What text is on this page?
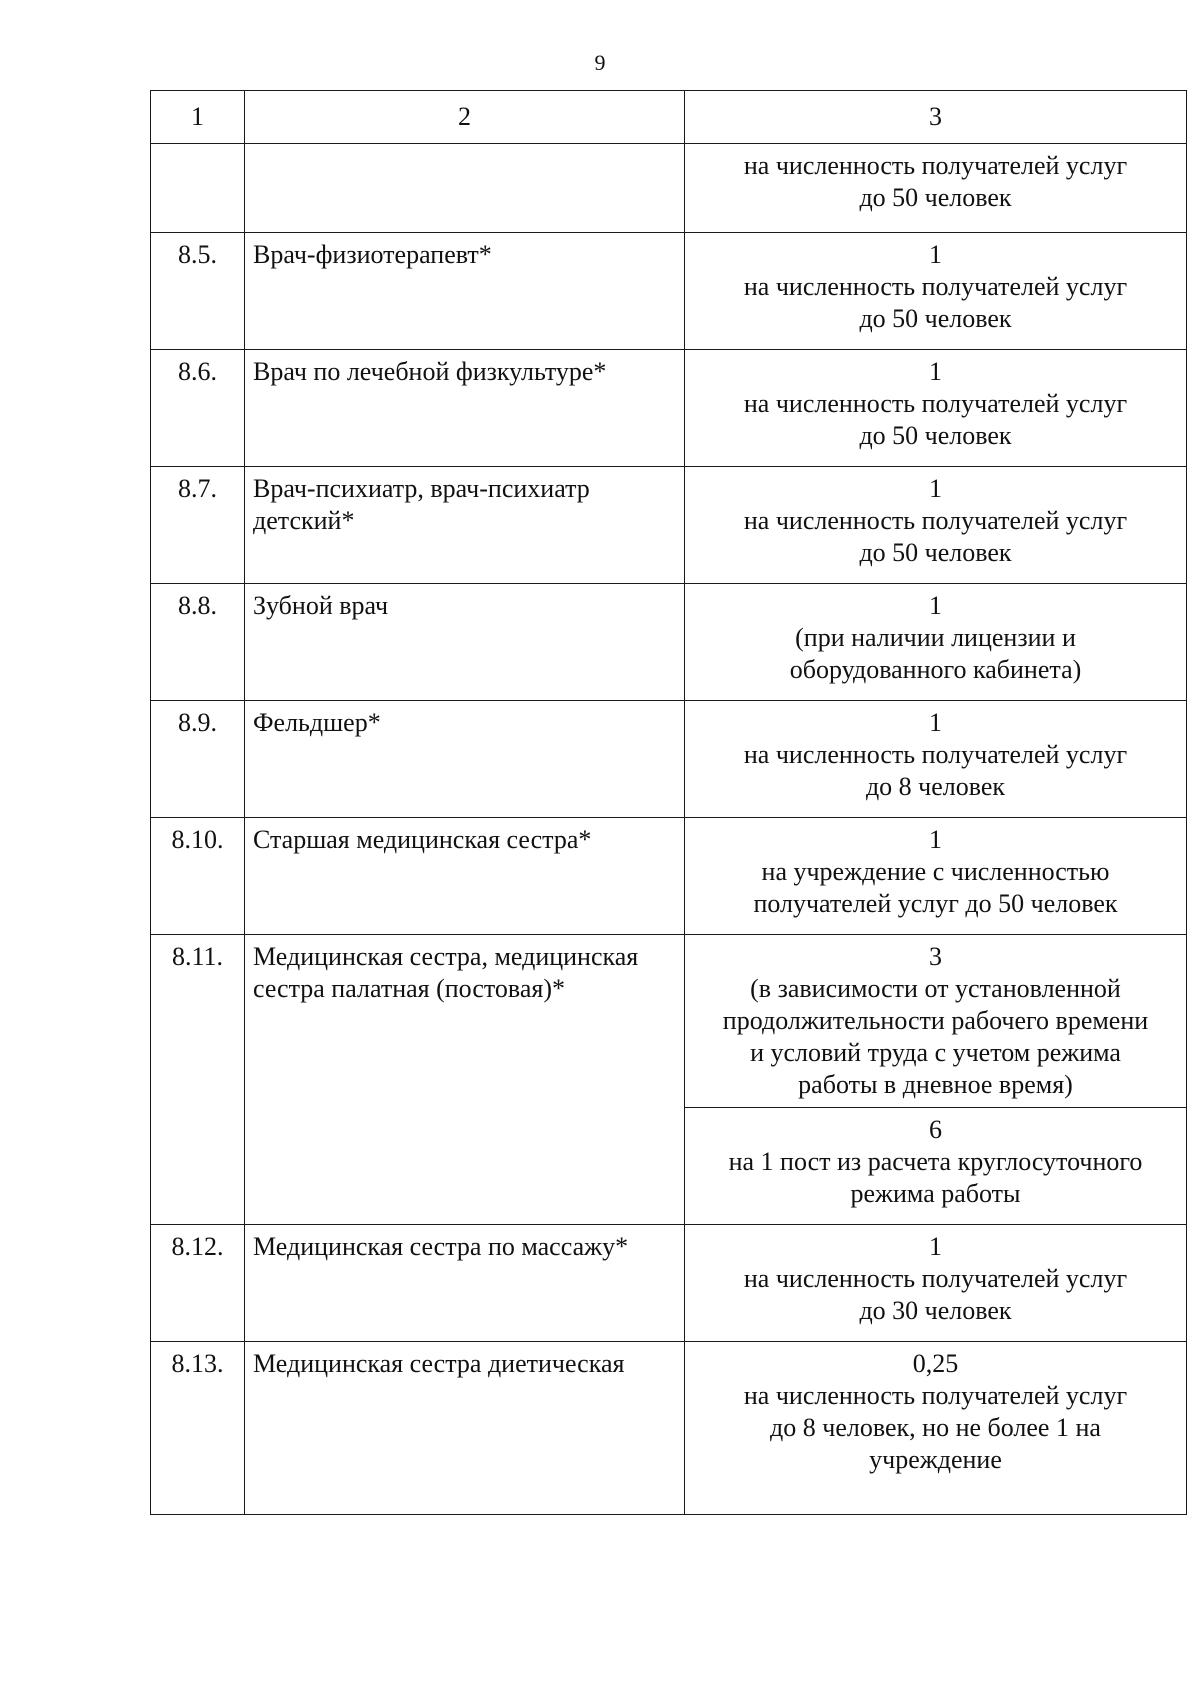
9
1	2	3

		на численность получателей услуг
до 50 человек

8.5.	Врач-физиотерапевт*	1
на численность получателей услуг
до 50 человек

8.6.	Врач по лечебной физкультуре*	1
на численность получателей услуг
до 50 человек

8.7.	Врач-психиатр, врач-психиатр детский*	1
на численность получателей услуг
до 50 человек

8.8.	Зубной врач	1
(при наличии лицензии и
оборудованного кабинета)

8.9.	Фельдшер*	1
на численность получателей услуг
до 8 человек

8.10.	Старшая медицинская сестра*	1
на учреждение с численностью
получателей услуг до 50 человек

8.11.	Медицинская сестра, медицинская сестра палатная (постовая)*	3
(в зависимости от установленной
продолжительности рабочего времени
и условий труда с учетом режима
работы в дневное время)

		6
на 1 пост из расчета круглосуточного
режима работы

8.12.	Медицинская сестра по массажу*	1
на численность получателей услуг
до 30 человек

8.13.	Медицинская сестра диетическая	0,25
на численность получателей услуг
до 8 человек, но не более 1 на
учреждение
